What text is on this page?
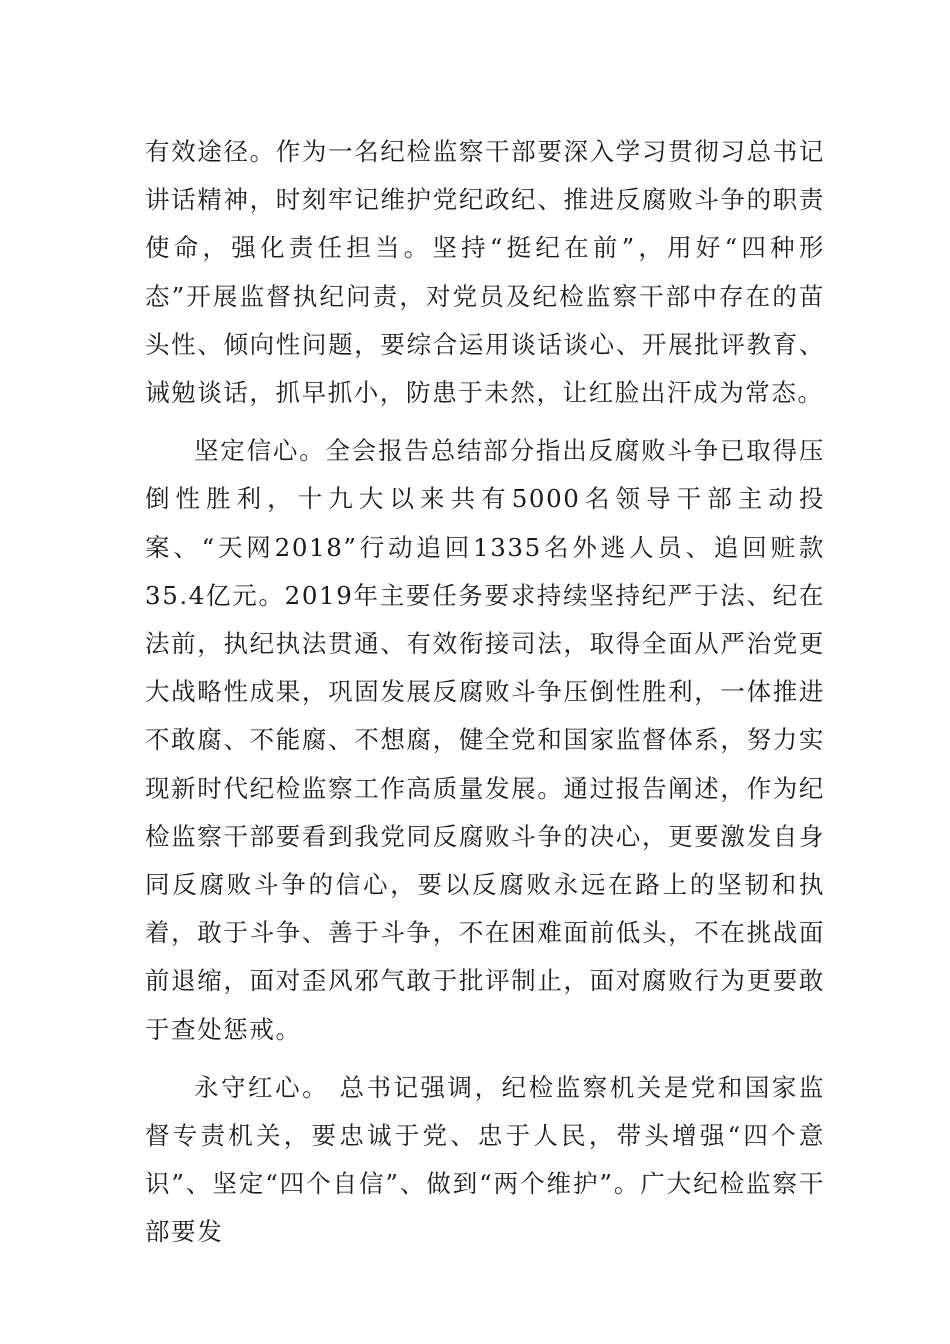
有效途径。作为一名纪检监察干部要深入学习贯彻习总书记讲话精神，时刻牢记维护党纪政纪、推进反腐败斗争的职责使命，强化责任担当。坚持“挺纪在前”，用好“四种形态”开展监督执纪问责，对党员及纪检监察干部中存在的苗头性、倾向性问题，要综合运用谈话谈心、开展批评教育、诫勉谈话，抓早抓小，防患于未然，让红脸出汗成为常态。

坚定信心。全会报告总结部分指出反腐败斗争已取得压倒性胜利，十九大以来共有5000名领导干部主动投案、“天网2018”行动追回1335名外逃人员、追回赃款35.4亿元。2019年主要任务要求持续坚持纪严于法、纪在法前，执纪执法贯通、有效衔接司法，取得全面从严治党更大战略性成果，巩固发展反腐败斗争压倒性胜利，一体推进不敢腐、不能腐、不想腐，健全党和国家监督体系，努力实现新时代纪检监察工作高质量发展。通过报告阐述，作为纪检监察干部要看到我党同反腐败斗争的决心，更要激发自身同反腐败斗争的信心，要以反腐败永远在路上的坚韧和执着，敢于斗争、善于斗争，不在困难面前低头，不在挑战面前退缩，面对歪风邪气敢于批评制止，面对腐败行为更要敢于查处惩戒。

永守红心。 总书记强调，纪检监察机关是党和国家监督专责机关，要忠诚于党、忠于人民，带头增强“四个意识”、坚定“四个自信”、做到“两个维护”。广大纪检监察干部要发
